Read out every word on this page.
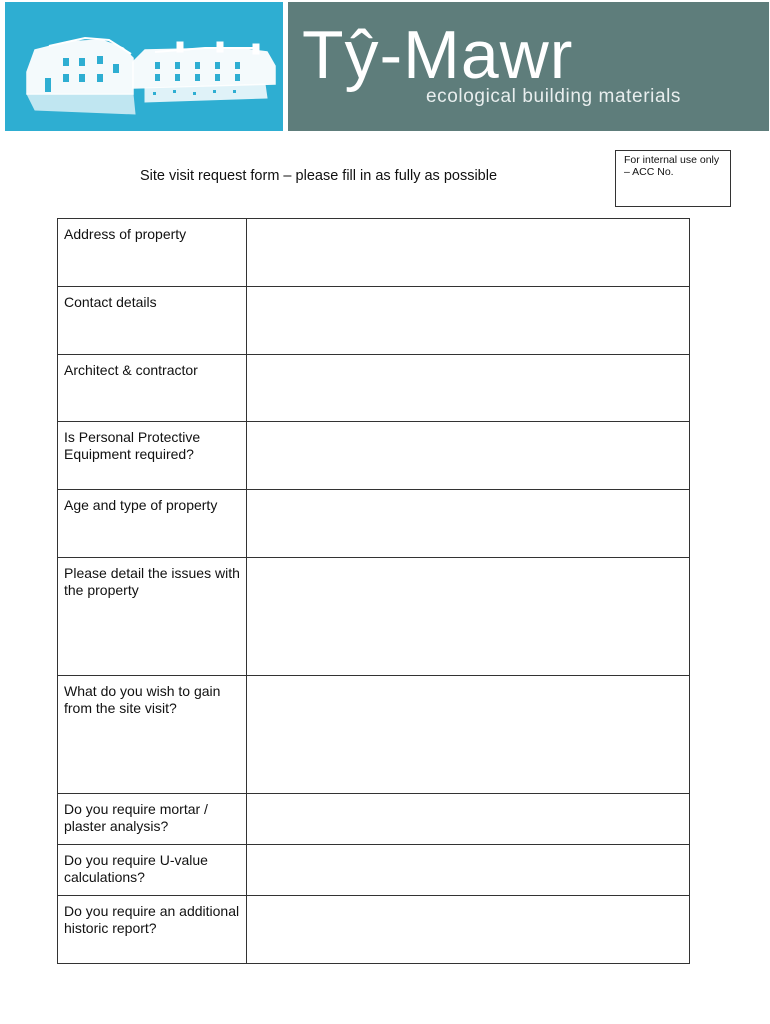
Tŷ-Mawr
ecological building materials
Site visit request form – please fill in as fully as possible
For internal use only
– ACC No.
Address of property	

Contact details	

Architect & contractor	

Is Personal Protective Equipment required?	

Age and type of property	

Please detail the issues with the property	

What do you wish to gain from the site visit?	

Do you require mortar / plaster analysis?	

Do you require U-value calculations?	

Do you require an additional historic report?	
